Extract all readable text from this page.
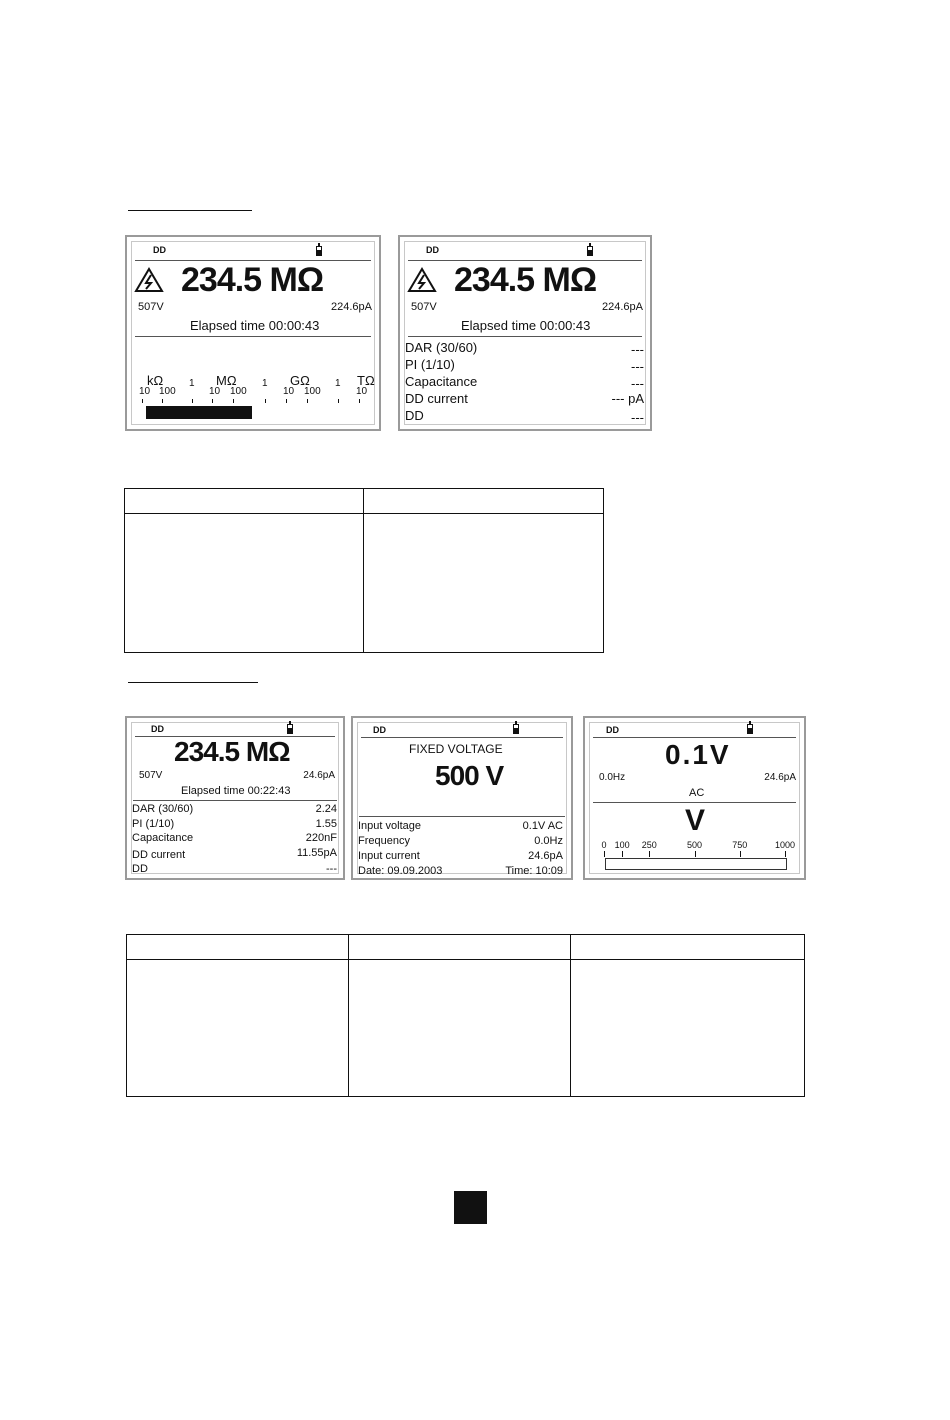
DD
234.5 MΩ
507V	224.6pA
Elapsed time 00:00:43
kΩ	MΩ	GΩ	TΩ
10 100
1
10 100
1
10 100
1
10
DD
234.5 MΩ
507V	224.6pA
Elapsed time 00:00:43
DAR (30/60)	---
PI (1/10)	---
Capacitance	---
DD current	--- pA
DD	---
DD
234.5 MΩ
507V	24.6pA
Elapsed time 00:22:43
DAR (30/60)	2.24
PI (1/10)	1.55
Capacitance	220nF
DD current	11.55pA
DD	---
DD
FIXED VOLTAGE
500 V
Input voltage	0.1V AC
Frequency	0.0Hz
Input current	24.6pA
Date: 09.09.2003	Time: 10:09
DD
0.1V
0.0Hz	24.6pA
AC
V
0 100 250	500	750	1000
